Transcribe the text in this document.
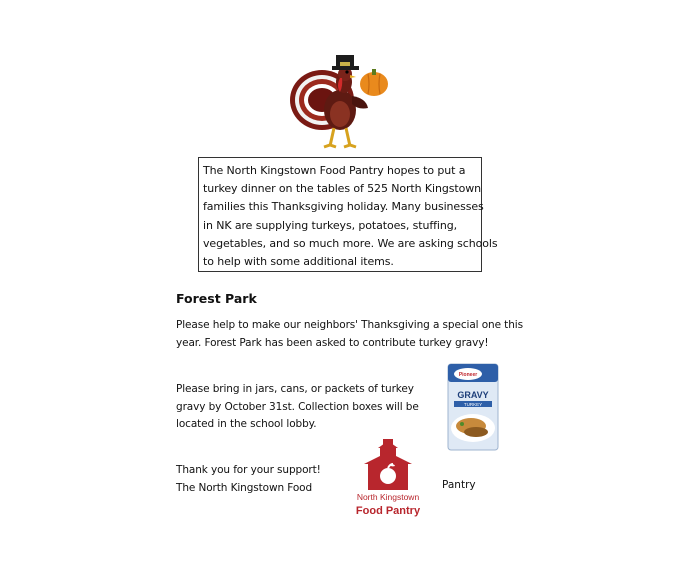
The North Kingstown Food Pantry hopes to put a
turkey dinner on the tables of 525 North Kingstown
families this Thanksgiving holiday. Many businesses
in NK are supplying turkeys, potatoes, stuffing,
vegetables, and so much more. We are asking schools
to help with some additional items.
Forest Park
Please help to make our neighbors' Thanksgiving a special one this
year. Forest Park has been asked to contribute turkey gravy!
Please bring in jars, cans, or packets of turkey
gravy by October 31st. Collection boxes will be
located in the school lobby.
Pioneer
GRAVY
TURKEY
Thank you for your support!
The North Kingstown Food	Pantry
North Kingstown
Food Pantry
